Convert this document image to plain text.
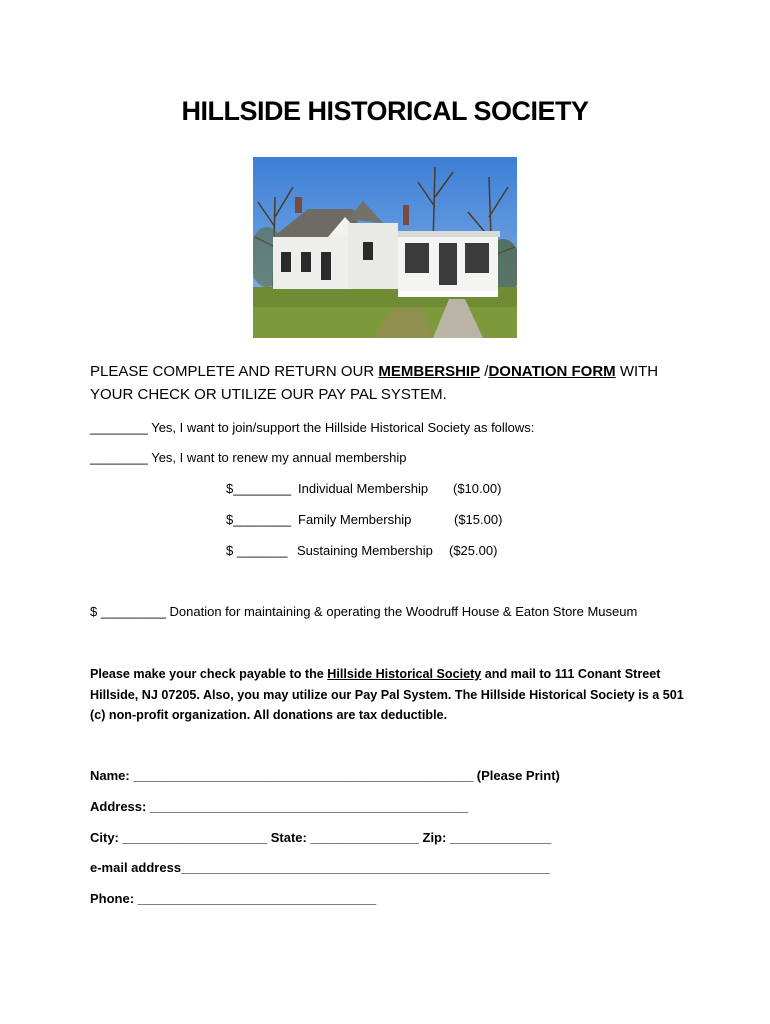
HILLSIDE HISTORICAL SOCIETY
PLEASE COMPLETE AND RETURN OUR MEMBERSHIP /DONATION FORM WITH
YOUR CHECK OR UTILIZE OUR PAY PAL SYSTEM.
________ Yes, I want to join/support the Hillside Historical Society as follows:
________ Yes, I want to renew my annual membership
$________ Individual Membership ($10.00)
$________ Family Membership	($15.00)
$ _______ Sustaining Membership ($25.00)
$ _________ Donation for maintaining & operating the Woodruff House & Eaton Store Museum
Please make your check payable to the Hillside Historical Society and mail to 111 Conant Street Hillside, NJ 07205. Also, you may utilize our Pay Pal System. The Hillside Historical Society is a 501 (c) non-profit organization. All donations are tax deductible.
Name: _______________________________________________ (Please Print)
Address: ____________________________________________
City: ____________________ State: _______________ Zip: ______________
e-mail address___________________________________________________
Phone: _________________________________
